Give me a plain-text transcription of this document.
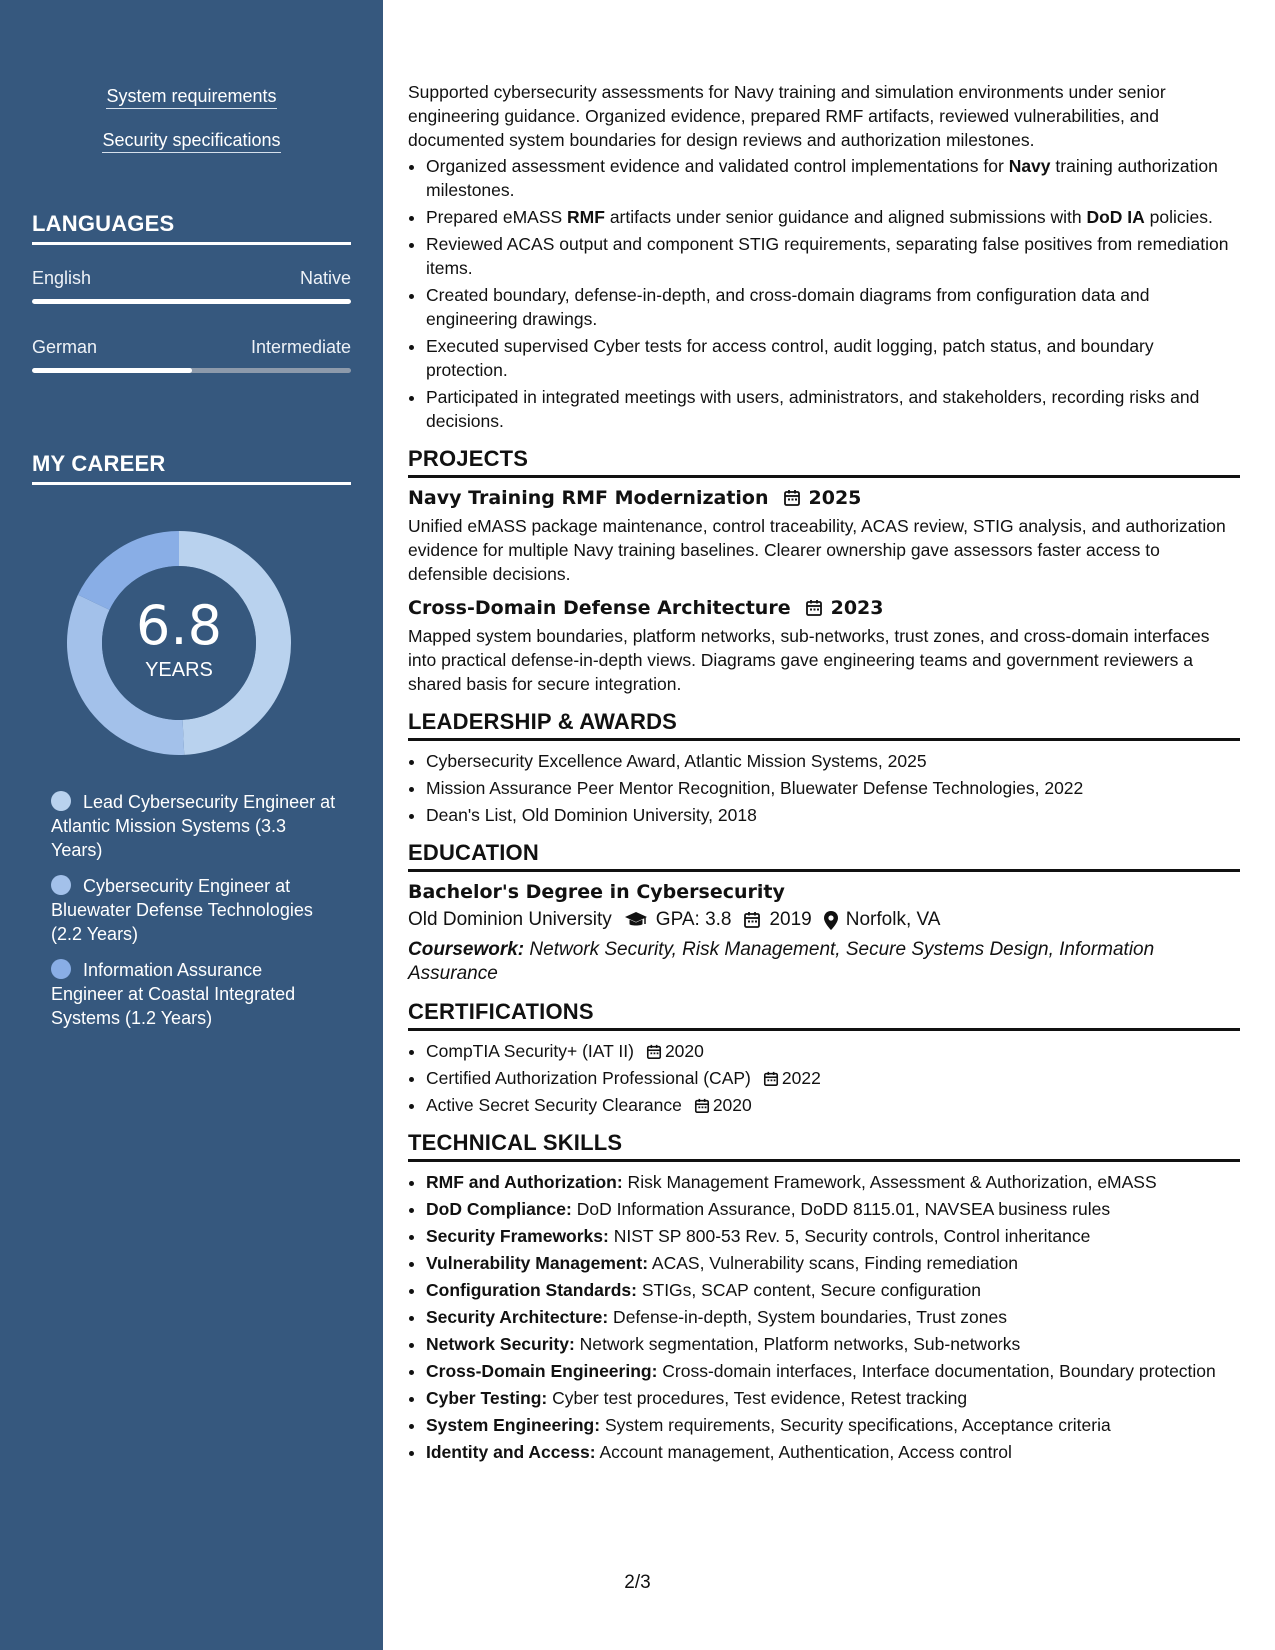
System requirements
Security specifications
LANGUAGES
English	Native
German	Intermediate
MY CAREER
6.8
YEARS
Lead Cybersecurity Engineer at Atlantic Mission Systems (3.3 Years)
Cybersecurity Engineer at Bluewater Defense Technologies (2.2 Years)
Information Assurance Engineer at Coastal Integrated Systems (1.2 Years)

Supported cybersecurity assessments for Navy training and simulation environments under senior engineering guidance. Organized evidence, prepared RMF artifacts, reviewed vulnerabilities, and documented system boundaries for design reviews and authorization milestones.

• Organized assessment evidence and validated control implementations for Navy training authorization milestones.
• Prepared eMASS RMF artifacts under senior guidance and aligned submissions with DoD IA policies.
• Reviewed ACAS output and component STIG requirements, separating false positives from remediation items.
• Created boundary, defense-in-depth, and cross-domain diagrams from configuration data and engineering drawings.
• Executed supervised Cyber tests for access control, audit logging, patch status, and boundary protection.
• Participated in integrated meetings with users, administrators, and stakeholders, recording risks and decisions.
PROJECTS
Navy Training RMF Modernization 2025

Unified eMASS package maintenance, control traceability, ACAS review, STIG analysis, and authorization evidence for multiple Navy training baselines. Clearer ownership gave assessors faster access to defensible decisions.

Cross-Domain Defense Architecture 2023

Mapped system boundaries, platform networks, sub-networks, trust zones, and cross-domain interfaces into practical defense-in-depth views. Diagrams gave engineering teams and government reviewers a shared basis for secure integration.

LEADERSHIP & AWARDS
• Cybersecurity Excellence Award, Atlantic Mission Systems, 2025
• Mission Assurance Peer Mentor Recognition, Bluewater Defense Technologies, 2022
• Dean's List, Old Dominion University, 2018
EDUCATION
Bachelor's Degree in Cybersecurity
Old Dominion University GPA: 3.8 2019 Norfolk, VA
Coursework: Network Security, Risk Management, Secure Systems Design, Information Assurance
CERTIFICATIONS
• CompTIA Security+ (IAT II) 2020
• Certified Authorization Professional (CAP) 2022
• Active Secret Security Clearance 2020
TECHNICAL SKILLS
• RMF and Authorization: Risk Management Framework, Assessment & Authorization, eMASS
• DoD Compliance: DoD Information Assurance, DoDD 8115.01, NAVSEA business rules
• Security Frameworks: NIST SP 800-53 Rev. 5, Security controls, Control inheritance
• Vulnerability Management: ACAS, Vulnerability scans, Finding remediation
• Configuration Standards: STIGs, SCAP content, Secure configuration
• Security Architecture: Defense-in-depth, System boundaries, Trust zones
• Network Security: Network segmentation, Platform networks, Sub-networks
• Cross-Domain Engineering: Cross-domain interfaces, Interface documentation, Boundary protection
• Cyber Testing: Cyber test procedures, Test evidence, Retest tracking
• System Engineering: System requirements, Security specifications, Acceptance criteria
• Identity and Access: Account management, Authentication, Access control
2/3
